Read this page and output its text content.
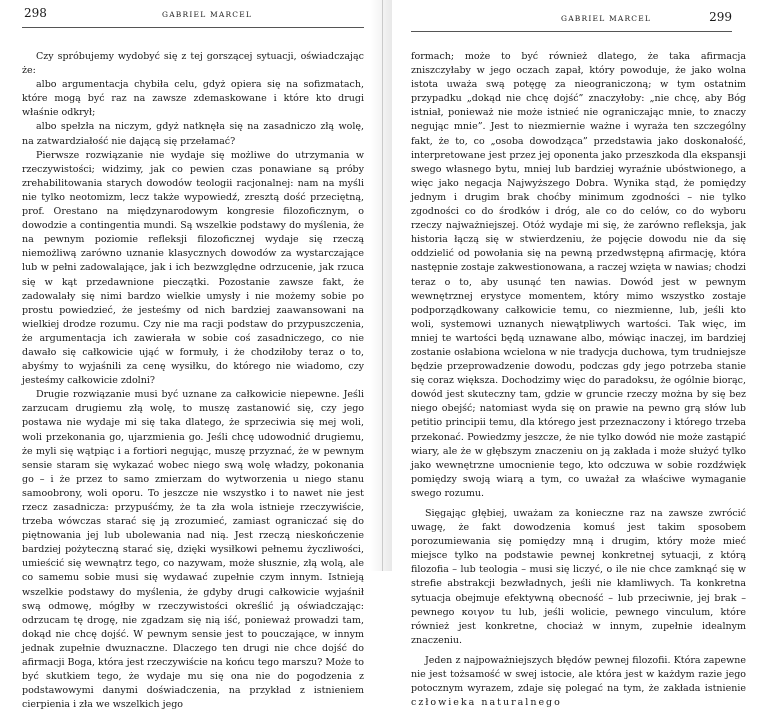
298	GABRIEL MARCEL

Czy spróbujemy wydobyć się z tej gorszącej sytuacji, oświadczając że:

albo argumentacja chybiła celu, gdyż opiera się na sofizmatach, które mogą być raz na zawsze zdemaskowane i które kto drugi właśnie odkrył;

albo spełzła na niczym, gdyż natknęła się na zasadniczo złą wolę, na zatwardziałość nie dającą się przełamać?

Pierwsze rozwiązanie nie wydaje się możliwe do utrzymania w rzeczywistości; widzimy, jak co pewien czas ponawiane są próby zrehabilitowania starych dowodów teologii racjonalnej: nam na myśli nie tylko neotomizm, lecz także wypowiedź, zresztą dość przeciętną, prof. Orestano na międzynarodowym kongresie filozoficznym, o dowodzie a contingentia mundi. Są wszelkie podstawy do myślenia, że na pewnym poziomie refleksji filozoficznej wydaje się rzeczą niemożliwą zarówno uznanie klasycznych dowodów za wystarczające lub w pełni zadowalające, jak i ich bezwzględne odrzucenie, jak rzuca się w kąt przedawnione pieczątki. Pozostanie zawsze fakt, że zadowalały się nimi bardzo wielkie umysły i nie możemy sobie po prostu powiedzieć, że jesteśmy od nich bardziej zaawansowani na wielkiej drodze rozumu. Czy nie ma racji podstaw do przypuszczenia, że argumentacja ich zawierała w sobie coś zasadniczego, co nie dawało się całkowicie ująć w formuły, i że chodziłoby teraz o to, abyśmy to wyjaśnili za cenę wysiłku, do którego nie wiadomo, czy jesteśmy całkowicie zdolni?

Drugie rozwiązanie musi być uznane za całkowicie niepewne. Jeśli zarzucam drugiemu złą wolę, to muszę zastanowić się, czy jego postawa nie wydaje mi się taka dlatego, że sprzeciwia się mej woli, woli przekonania go, ujarzmienia go. Jeśli chcę udowodnić drugiemu, że myli się wątpiąc i a fortiori negując, muszę przyznać, że w pewnym sensie staram się wykazać wobec niego swą wolę władzy, pokonania go – i że przez to samo zmierzam do wytworzenia u niego stanu samoobrony, woli oporu. To jeszcze nie wszystko i to nawet nie jest rzecz zasadnicza: przypuśćmy, że ta zła wola istnieje rzeczywiście, trzeba wówczas starać się ją zrozumieć, zamiast ograniczać się do piętnowania jej lub ubolewania nad nią. Jest rzeczą nieskończenie bardziej pożyteczną starać się, dzięki wysiłkowi pełnemu życzliwości, umieścić się wewnątrz tego, co nazywam, może słusznie, złą wolą, ale co samemu sobie musi się wydawać zupełnie czym innym. Istnieją wszelkie podstawy do myślenia, że gdyby drugi całkowicie wyjaśnił swą odmowę, mógłby w rzeczywistości określić ją oświadczając: odrzucam tę drogę, nie zgadzam się nią iść, ponieważ prowadzi tam, dokąd nie chcę dojść. W pewnym sensie jest to pouczające, w innym jednak zupełnie dwuznaczne. Dlaczego ten drugi nie chce dojść do afirmacji Boga, która jest rzeczywiście na końcu tego marszu? Może to być skutkiem tego, że wydaje mu się ona nie do pogodzenia z podstawowymi danymi doświadczenia, na przykład z istnieniem cierpienia i zła we wszelkich jego

GABRIEL MARCEL	299

formach; może to być również dlatego, że taka afirmacja zniszczyłaby w jego oczach zapał, który powoduje, że jako wolna istota uważa swą potęgę za nieograniczoną; w tym ostatnim przypadku „dokąd nie chcę dojść” znaczyłoby: „nie chcę, aby Bóg istniał, ponieważ nie może istnieć nie ograniczając mnie, to znaczy negując mnie”. Jest to niezmiernie ważne i wyraża ten szczególny fakt, że to, co „osoba dowodząca” przedstawia jako doskonałość, interpretowane jest przez jej oponenta jako przeszkoda dla ekspansji swego własnego bytu, mniej lub bardziej wyraźnie ubóstwionego, a więc jako negacja Najwyższego Dobra. Wynika stąd, że pomiędzy jednym i drugim brak choćby minimum zgodności – nie tylko zgodności co do środków i dróg, ale co do celów, co do wyboru rzeczy najważniejszej. Otóż wydaje mi się, że zarówno refleksja, jak historia łączą się w stwierdzeniu, że pojęcie dowodu nie da się oddzielić od powołania się na pewną przedwstępną afirmację, która następnie zostaje zakwestionowana, a raczej wzięta w nawias; chodzi teraz o to, aby usunąć ten nawias. Dowód jest w pewnym wewnętrznej erystyce momentem, który mimo wszystko zostaje podporządkowany całkowicie temu, co niezmienne, lub, jeśli kto woli, systemowi uznanych niewątpliwych wartości. Tak więc, im mniej te wartości będą uznawane albo, mówiąc inaczej, im bardziej zostanie osłabiona wcielona w nie tradycja duchowa, tym trudniejsze będzie przeprowadzenie dowodu, podczas gdy jego potrzeba stanie się coraz większa. Dochodzimy więc do paradoksu, że ogólnie biorąc, dowód jest skuteczny tam, gdzie w gruncie rzeczy można by się bez niego obejść; natomiast wyda się on prawie na pewno grą słów lub petitio principii temu, dla którego jest przeznaczony i którego trzeba przekonać. Powiedzmy jeszcze, że nie tylko dowód nie może zastąpić wiary, ale że w głębszym znaczeniu on ją zakłada i może służyć tylko jako wewnętrzne umocnienie tego, kto odczuwa w sobie rozdźwięk pomiędzy swoją wiarą a tym, co uważał za właściwe wymaganie swego rozumu.

Sięgając głębiej, uważam za konieczne raz na zawsze zwrócić uwagę, że fakt dowodzenia komuś jest takim sposobem porozumiewania się pomiędzy mną i drugim, który może mieć miejsce tylko na podstawie pewnej konkretnej sytuacji, z którą filozofia – lub teologia – musi się liczyć, o ile nie chce zamknąć się w strefie abstrakcji bezwładnych, jeśli nie kłamliwych. Ta konkretna sytuacja obejmuje efektywną obecność – lub przeciwnie, jej brak – pewnego κοιγον tu lub, jeśli wolicie, pewnego vinculum, które również jest konkretne, chociaż w innym, zupełnie idealnym znaczeniu.

Jeden z najpoważniejszych błędów pewnej filozofii. Która zapewne nie jest tożsamość w swej istocie, ale która jest w każdym razie jego potocznym wyrazem, zdaje się polegać na tym, że zakłada istnienie człowieka naturalnego
